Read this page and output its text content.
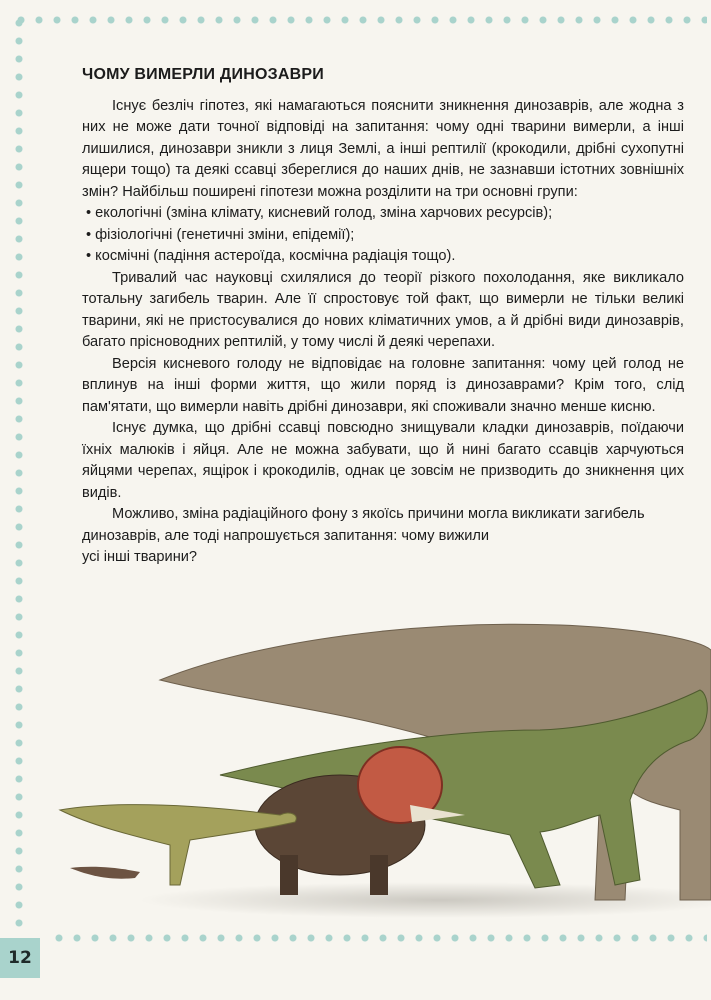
ЧОМУ ВИМЕРЛИ ДИНОЗАВРИ

Існує безліч гіпотез, які намагаються пояснити зникнення динозаврів, але жодна з них не може дати точної відповіді на запитання: чому одні тварини вимерли, а інші лишилися, динозаври зникли з лиця Землі, а інші рептилії (крокодили, дрібні сухопутні ящери тощо) та деякі ссавці збереглися до наших днів, не зазнавши істотних зовнішніх змін? Найбільш поширені гіпотези можна розділити на три основні групи:

• екологічні (зміна клімату, кисневий голод, зміна харчових ресурсів);
• фізіологічні (генетичні зміни, епідемії);
• космічні (падіння астероїда, космічна радіація тощо).

Тривалий час науковці схилялися до теорії різкого похолодання, яке викликало тотальну загибель тварин. Але її спростовує той факт, що вимерли не тільки великі тварини, які не пристосувалися до нових кліматичних умов, а й дрібні види динозаврів, багато прісноводних рептилій, у тому числі й деякі черепахи.

Версія кисневого голоду не відповідає на головне запитання: чому цей голод не вплинув на інші форми життя, що жили поряд із динозаврами? Крім того, слід пам'ятати, що вимерли навіть дрібні динозаври, які споживали значно менше кисню.

Існує думка, що дрібні ссавці повсюдно знищували кладки динозаврів, поїдаючи їхніх малюків і яйця. Але не можна забувати, що й нині багато ссавців харчуються яйцями черепах, ящірок і крокодилів, однак це зовсім не призводить до зникнення цих видів.

Можливо, зміна радіаційного фону з якоїсь причини могла викликати загибель динозаврів, але тоді напрошується запитання: чому вижили
усі інші тварини?

12
